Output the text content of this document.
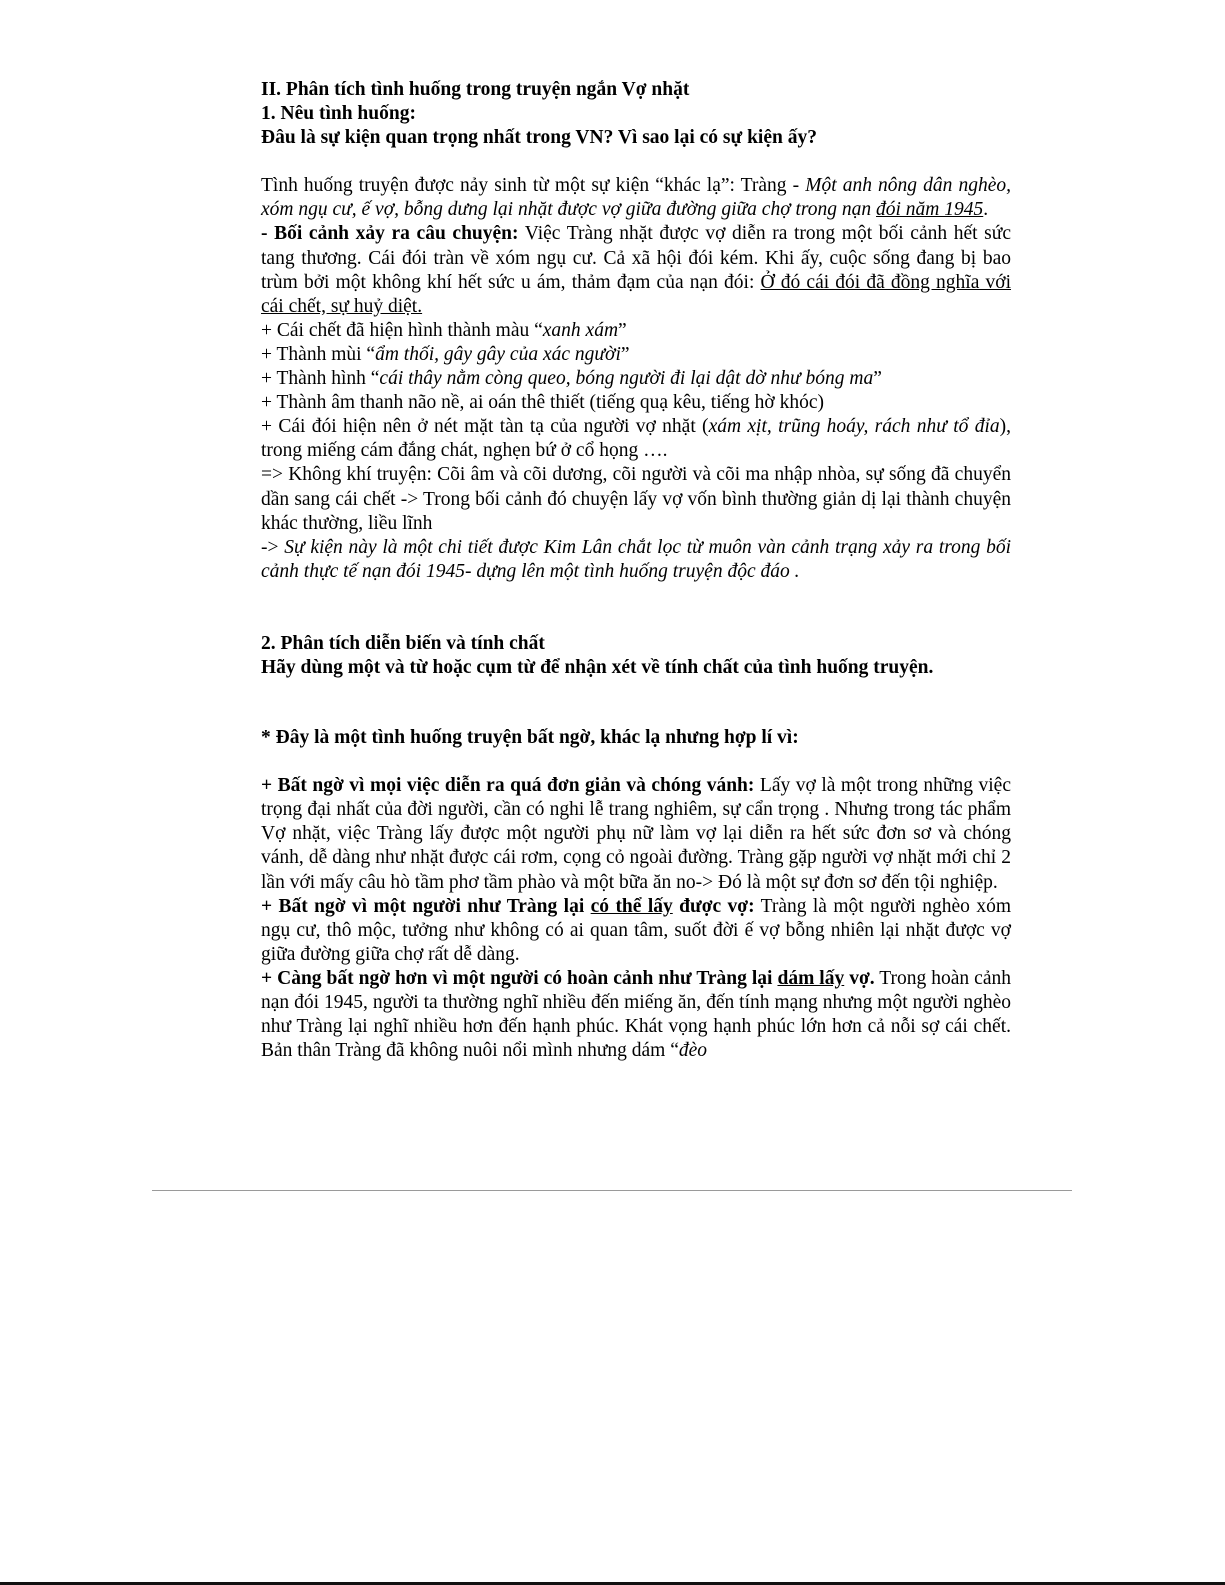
II. Phân tích tình huống trong truyện ngắn Vợ nhặt

1. Nêu tình huống:

Đâu là sự kiện quan trọng nhất trong VN? Vì sao lại có sự kiện ấy?

Tình huống truyện được nảy sinh từ một sự kiện “khác lạ”: Tràng - Một anh nông dân nghèo, xóm ngụ cư, ế vợ, bỗng dưng lại nhặt được vợ giữa đường giữa chợ trong nạn đói năm 1945.

- Bối cảnh xảy ra câu chuyện: Việc Tràng nhặt được vợ diễn ra trong một bối cảnh hết sức tang thương. Cái đói tràn về xóm ngụ cư. Cả xã hội đói kém. Khi ấy, cuộc sống đang bị bao trùm bởi một không khí hết sức u ám, thảm đạm của nạn đói: Ở đó cái đói đã đồng nghĩa với cái chết, sự huỷ diệt.

+ Cái chết đã hiện hình thành màu “xanh xám”

+ Thành mùi “ẩm thối, gây gây của xác người”

+ Thành hình “cái thây nằm còng queo, bóng người đi lại dật dờ như bóng ma”

+ Thành âm thanh não nề, ai oán thê thiết (tiếng quạ kêu, tiếng hờ khóc)

+ Cái đói hiện nên ở nét mặt tàn tạ của người vợ nhặt (xám xịt, trũng hoáy, rách như tổ đỉa), trong miếng cám đắng chát, nghẹn bứ ở cổ họng ….

=> Không khí truyện: Cõi âm và cõi dương, cõi người và cõi ma nhập nhòa, sự sống đã chuyển dần sang cái chết -> Trong bối cảnh đó chuyện lấy vợ vốn bình thường giản dị lại thành chuyện khác thường, liều lĩnh

-> Sự kiện này là một chi tiết được Kim Lân chắt lọc từ muôn vàn cảnh trạng xảy ra trong bối cảnh thực tế nạn đói 1945- dựng lên một tình huống truyện độc đáo .

2. Phân tích diễn biến và tính chất

Hãy dùng một và từ hoặc cụm từ để nhận xét về tính chất của tình huống truyện.

* Đây là một tình huống truyện bất ngờ, khác lạ nhưng hợp lí vì:

+ Bất ngờ vì mọi việc diễn ra quá đơn giản và chóng vánh: Lấy vợ là một trong những việc trọng đại nhất của đời người, cần có nghi lễ trang nghiêm, sự cẩn trọng . Nhưng trong tác phẩm Vợ nhặt, việc Tràng lấy được một người phụ nữ làm vợ lại diễn ra hết sức đơn sơ và chóng vánh, dễ dàng như nhặt được cái rơm, cọng cỏ ngoài đường. Tràng gặp người vợ nhặt mới chỉ 2 lần với mấy câu hò tầm phơ tầm phào và một bữa ăn no-> Đó là một sự đơn sơ đến tội nghiệp.

+ Bất ngờ vì một người như Tràng lại có thể lấy được vợ: Tràng là một người nghèo xóm ngụ cư, thô mộc, tưởng như không có ai quan tâm, suốt đời ế vợ bỗng nhiên lại nhặt được vợ giữa đường giữa chợ rất dễ dàng.

+ Càng bất ngờ hơn vì một người có hoàn cảnh như Tràng lại dám lấy vợ. Trong hoàn cảnh nạn đói 1945, người ta thường nghĩ nhiều đến miếng ăn, đến tính mạng nhưng một người nghèo như Tràng lại nghĩ nhiều hơn đến hạnh phúc. Khát vọng hạnh phúc lớn hơn cả nỗi sợ cái chết. Bản thân Tràng đã không nuôi nổi mình nhưng dám “đèo
